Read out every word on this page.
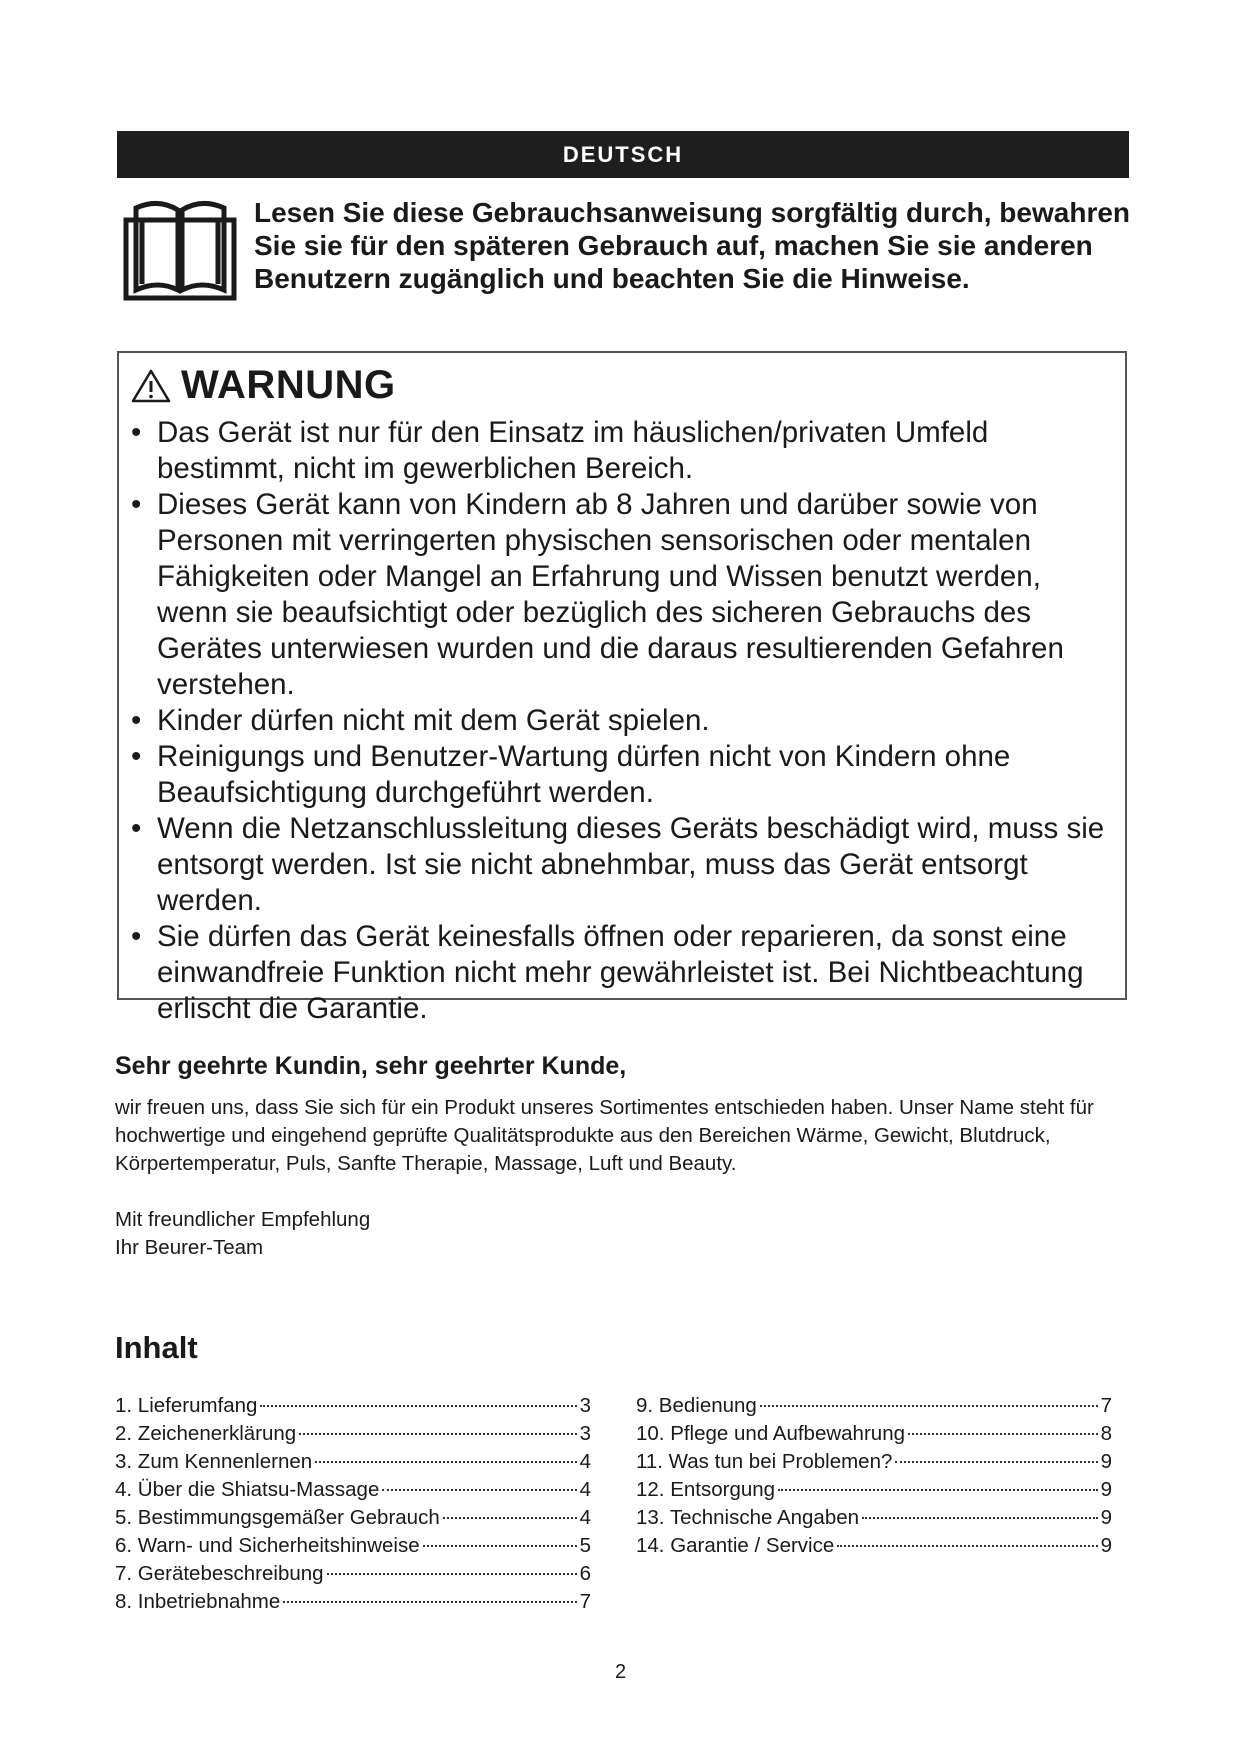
DEUTSCH
Lesen Sie diese Gebrauchsanweisung sorgfältig durch, bewahren Sie sie für den späteren Gebrauch auf, machen Sie sie anderen Benutzern zugänglich und beachten Sie die Hinweise.
WARNUNG
• Das Gerät ist nur für den Einsatz im häuslichen/privaten Umfeld bestimmt, nicht im gewerblichen Bereich.
• Dieses Gerät kann von Kindern ab 8 Jahren und darüber sowie von Personen mit verringerten physischen sensorischen oder mentalen Fähigkeiten oder Mangel an Erfahrung und Wissen benutzt werden, wenn sie beaufsichtigt oder bezüglich des sicheren Gebrauchs des Gerätes unterwiesen wurden und die daraus resultierenden Gefahren verstehen.
• Kinder dürfen nicht mit dem Gerät spielen.
• Reinigungs und Benutzer-Wartung dürfen nicht von Kindern ohne Beaufsichtigung durchgeführt werden.
• Wenn die Netzanschlussleitung dieses Geräts beschädigt wird, muss sie entsorgt werden. Ist sie nicht abnehmbar, muss das Gerät entsorgt werden.
• Sie dürfen das Gerät keinesfalls öffnen oder reparieren, da sonst eine einwandfreie Funktion nicht mehr gewährleistet ist. Bei Nichtbeachtung erlischt die Garantie.
Sehr geehrte Kundin, sehr geehrter Kunde,
wir freuen uns, dass Sie sich für ein Produkt unseres Sortimentes entschieden haben. Unser Name steht für hochwertige und eingehend geprüfte Qualitätsprodukte aus den Bereichen Wärme, Gewicht, Blutdruck, Körpertemperatur, Puls, Sanfte Therapie, Massage, Luft und Beauty.
Mit freundlicher Empfehlung
Ihr Beurer-Team
Inhalt
1. Lieferumfang	3
2. Zeichenerklärung	3
3. Zum Kennenlernen	4
4. Über die Shiatsu-Massage	4
5. Bestimmungsgemäßer Gebrauch	4
6. Warn- und Sicherheitshinweise	5
7. Gerätebeschreibung	6
8. Inbetriebnahme	7
9. Bedienung	7
10. Pflege und Aufbewahrung	8
11. Was tun bei Problemen?	9
12. Entsorgung	9
13. Technische Angaben	9
14. Garantie / Service	9
2
